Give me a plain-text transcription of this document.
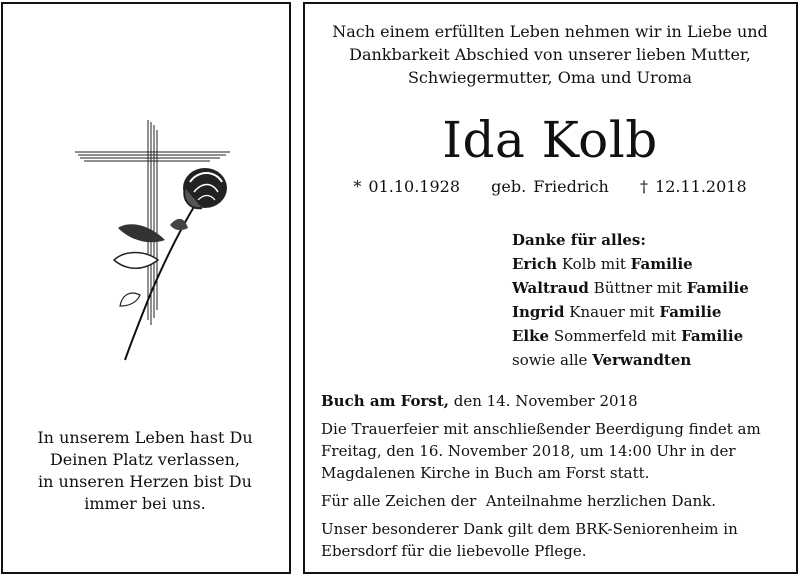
Nach einem erfüllten Leben nehmen wir in Liebe und
Dankbarkeit Abschied von unserer lieben Mutter,
Schwiegermutter, Oma und Uroma
Ida Kolb
* 01.10.1928 geb. Friedrich † 12.11.2018
Danke für alles:
Erich Kolb mit Familie
Waltraud Büttner mit Familie
Ingrid Knauer mit Familie
Elke Sommerfeld mit Familie
sowie alle Verwandten

Buch am Forst, den 14. November 2018

Die Trauerfeier mit anschließender Beerdigung findet am
Freitag, den 16. November 2018, um 14:00 Uhr in der
Magdalenen Kirche in Buch am Forst statt.

Für alle Zeichen der  Anteilnahme herzlichen Dank.

Unser besonderer Dank gilt dem BRK-Seniorenheim in
Ebersdorf für die liebevolle Pflege.

In unserem Leben hast Du
Deinen Platz verlassen,
in unseren Herzen bist Du
immer bei uns.
